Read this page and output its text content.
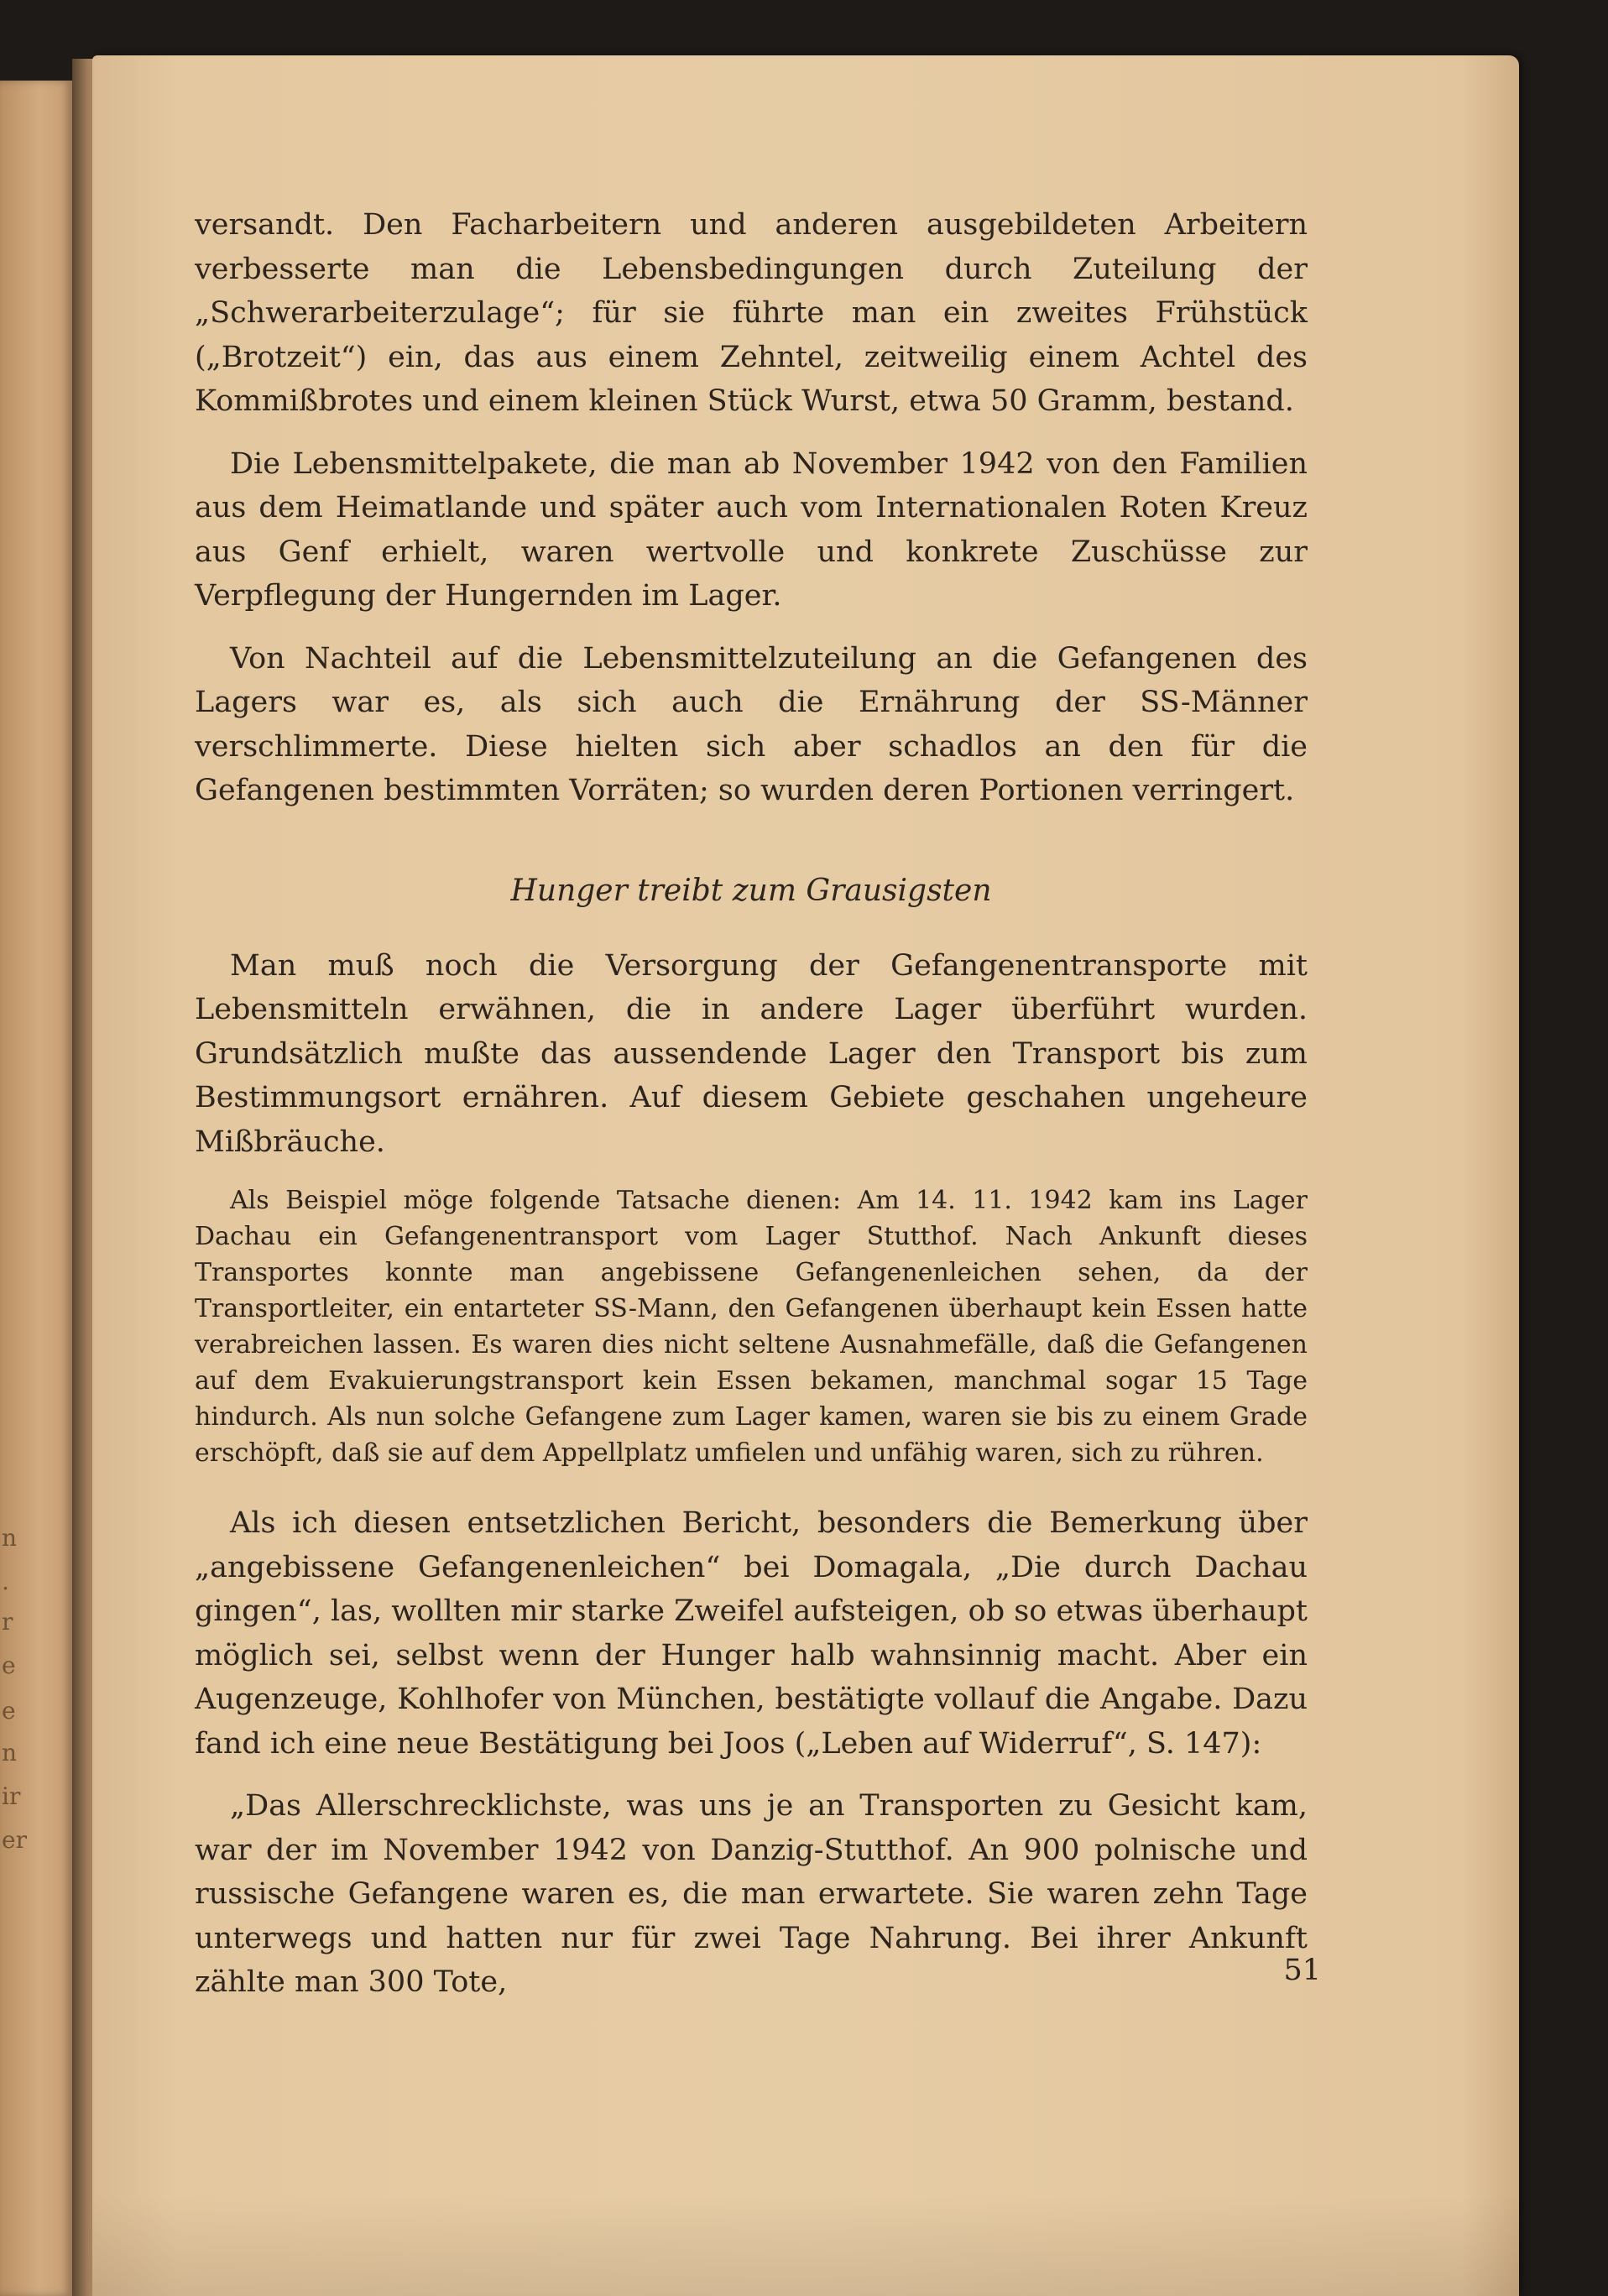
n
.
r
e
e
n
ir
er

versandt. Den Facharbeitern und anderen ausgebildeten Arbeitern verbesserte man die Lebensbedingungen durch Zuteilung der „Schwerarbeiterzulage“; für sie führte man ein zweites Frühstück („Brotzeit“) ein, das aus einem Zehntel, zeitweilig einem Achtel des Kommißbrotes und einem kleinen Stück Wurst, etwa 50 Gramm, bestand.

Die Lebensmittelpakete, die man ab November 1942 von den Familien aus dem Heimatlande und später auch vom Internationalen Roten Kreuz aus Genf erhielt, waren wertvolle und konkrete Zuschüsse zur Verpflegung der Hungernden im Lager.

Von Nachteil auf die Lebensmittelzuteilung an die Gefangenen des Lagers war es, als sich auch die Ernährung der SS-Männer verschlimmerte. Diese hielten sich aber schadlos an den für die Gefangenen bestimmten Vorräten; so wurden deren Portionen verringert.

Hunger treibt zum Grausigsten

Man muß noch die Versorgung der Gefangenentransporte mit Lebensmitteln erwähnen, die in andere Lager überführt wurden. Grundsätzlich mußte das aussendende Lager den Transport bis zum Bestimmungsort ernähren. Auf diesem Gebiete geschahen ungeheure Mißbräuche.

Als Beispiel möge folgende Tatsache dienen: Am 14. 11. 1942 kam ins Lager Dachau ein Gefangenentransport vom Lager Stutthof. Nach Ankunft dieses Transportes konnte man angebissene Gefangenenleichen sehen, da der Transportleiter, ein entarteter SS-Mann, den Gefangenen überhaupt kein Essen hatte verabreichen lassen. Es waren dies nicht seltene Ausnahmefälle, daß die Gefangenen auf dem Evakuierungstransport kein Essen bekamen, manchmal sogar 15 Tage hindurch. Als nun solche Gefangene zum Lager kamen, waren sie bis zu einem Grade erschöpft, daß sie auf dem Appellplatz umfielen und unfähig waren, sich zu rühren.

Als ich diesen entsetzlichen Bericht, besonders die Bemerkung über „angebissene Gefangenenleichen“ bei Domagala, „Die durch Dachau gingen“, las, wollten mir starke Zweifel aufsteigen, ob so etwas überhaupt möglich sei, selbst wenn der Hunger halb wahnsinnig macht. Aber ein Augenzeuge, Kohlhofer von München, bestätigte vollauf die Angabe. Dazu fand ich eine neue Bestätigung bei Joos („Leben auf Widerruf“, S. 147):

„Das Allerschrecklichste, was uns je an Transporten zu Gesicht kam, war der im November 1942 von Danzig-Stutthof. An 900 polnische und russische Gefangene waren es, die man erwartete. Sie waren zehn Tage unterwegs und hatten nur für zwei Tage Nahrung. Bei ihrer Ankunft zählte man 300 Tote,	51
